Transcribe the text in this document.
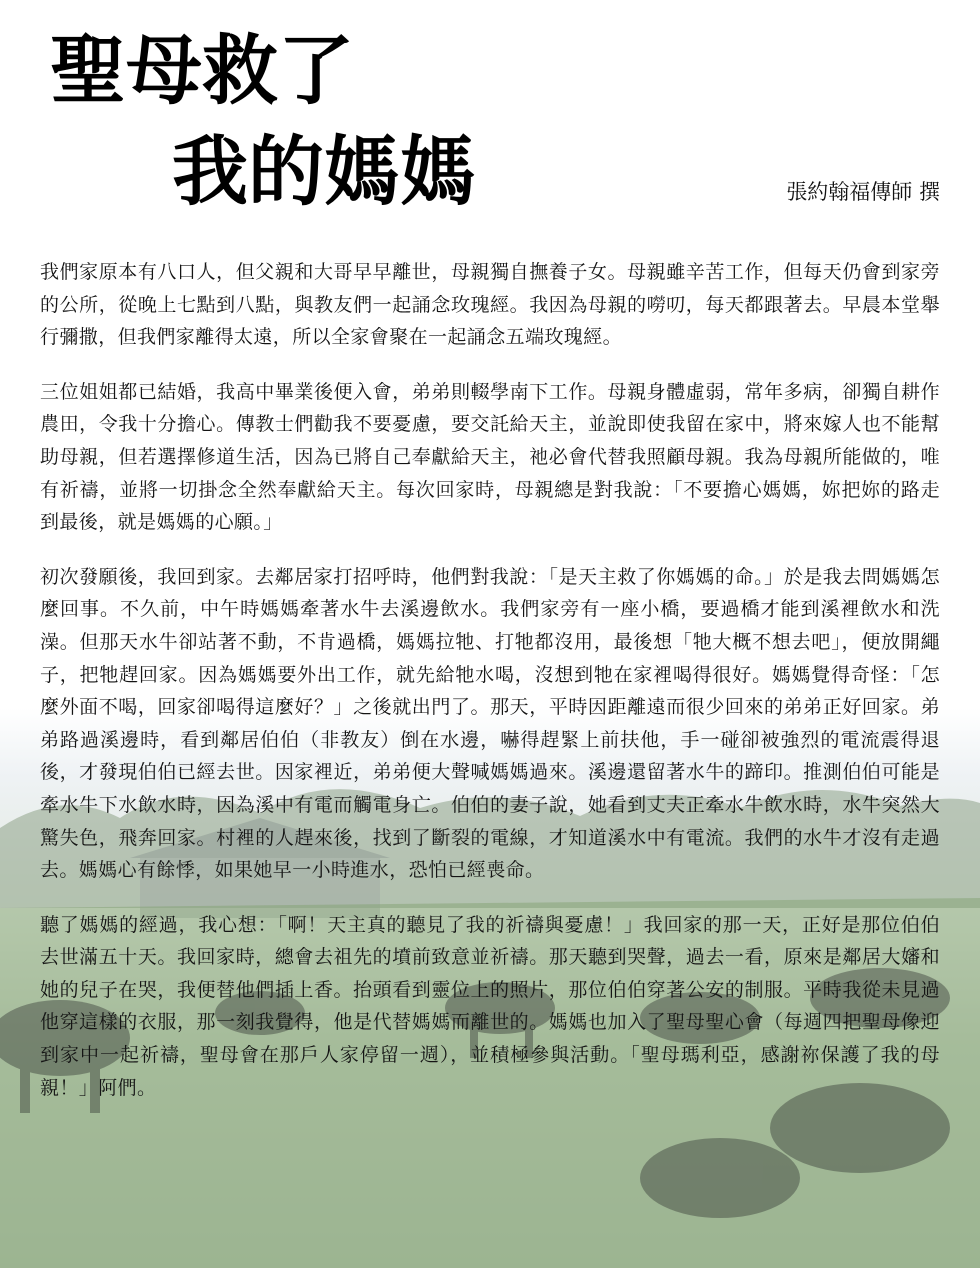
聖母救了
我的媽媽	張約翰福傳師 撰

我們家原本有八口人，但父親和大哥早早離世，母親獨自撫養子女。母親雖辛苦工作，但每天仍會到家旁的公所，從晚上七點到八點，與教友們一起誦念玫瑰經。我因為母親的嘮叨，每天都跟著去。早晨本堂舉行彌撒，但我們家離得太遠，所以全家會聚在一起誦念五端玫瑰經。

三位姐姐都已結婚，我高中畢業後便入會，弟弟則輟學南下工作。母親身體虛弱，常年多病，卻獨自耕作農田，令我十分擔心。傳教士們勸我不要憂慮，要交託給天主，並說即使我留在家中，將來嫁人也不能幫助母親，但若選擇修道生活，因為已將自己奉獻給天主，祂必會代替我照顧母親。我為母親所能做的，唯有祈禱，並將一切掛念全然奉獻給天主。每次回家時，母親總是對我說：「不要擔心媽媽，妳把妳的路走到最後，就是媽媽的心願。」

初次發願後，我回到家。去鄰居家打招呼時，他們對我說：「是天主救了你媽媽的命。」於是我去問媽媽怎麼回事。不久前，中午時媽媽牽著水牛去溪邊飲水。我們家旁有一座小橋，要過橋才能到溪裡飲水和洗澡。但那天水牛卻站著不動，不肯過橋，媽媽拉牠、打牠都沒用，最後想「牠大概不想去吧」，便放開繩子，把牠趕回家。因為媽媽要外出工作，就先給牠水喝，沒想到牠在家裡喝得很好。媽媽覺得奇怪：「怎麼外面不喝，回家卻喝得這麼好？」之後就出門了。那天，平時因距離遠而很少回來的弟弟正好回家。弟弟路過溪邊時，看到鄰居伯伯（非教友）倒在水邊，嚇得趕緊上前扶他，手一碰卻被強烈的電流震得退後，才發現伯伯已經去世。因家裡近，弟弟便大聲喊媽媽過來。溪邊還留著水牛的蹄印。推測伯伯可能是牽水牛下水飲水時，因為溪中有電而觸電身亡。伯伯的妻子說，她看到丈夫正牽水牛飲水時，水牛突然大驚失色，飛奔回家。村裡的人趕來後，找到了斷裂的電線，才知道溪水中有電流。我們的水牛才沒有走過去。媽媽心有餘悸，如果她早一小時進水，恐怕已經喪命。

聽了媽媽的經過，我心想：「啊！天主真的聽見了我的祈禱與憂慮！」我回家的那一天，正好是那位伯伯去世滿五十天。我回家時，總會去祖先的墳前致意並祈禱。那天聽到哭聲，過去一看，原來是鄰居大嬸和她的兒子在哭，我便替他們插上香。抬頭看到靈位上的照片，那位伯伯穿著公安的制服。平時我從未見過他穿這樣的衣服，那一刻我覺得，他是代替媽媽而離世的。媽媽也加入了聖母聖心會（每週四把聖母像迎到家中一起祈禱，聖母會在那戶人家停留一週），並積極參與活動。「聖母瑪利亞，感謝祢保護了我的母親！」阿們。
